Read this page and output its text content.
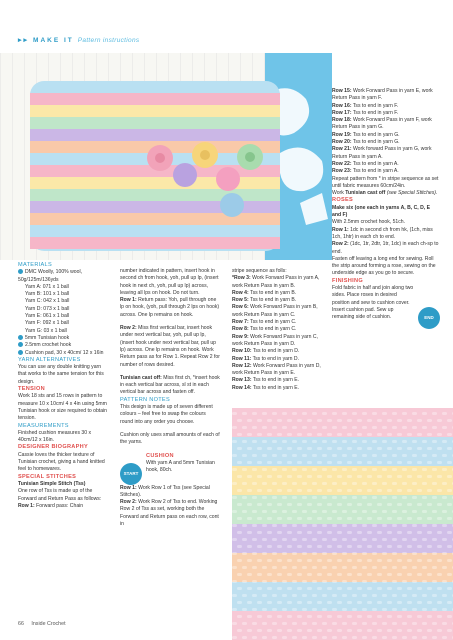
▸▸ MAKE IT Pattern instructions

MATERIALS

DMC Woolly, 100% wool, 50g/125m/136yds

Yarn A: 071 x 1 ball

Yarn B: 101 x 1 ball

Yarn C: 042 x 1 ball

Yarn D: 073 x 1 ball

Yarn E: 061 x 1 ball

Yarn F: 092 x 1 ball

Yarn G: 03 x 1 ball

5mm Tunisian hook

2.5mm crochet hook

Cushion pad, 30 x 40cm/ 12 x 16in

YARN ALTERNATIVES

You can use any double knitting yarn that works to the same tension for this design.

TENSION

Work 18 sts and 15 rows in pattern to measure 10 x 10cm/ 4 x 4in using 5mm Tunisian hook or size required to obtain tension.

MEASUREMENTS

Finished cushion measures 30 x 40cm/12 x 16in.

DESIGNER BIOGRAPHY

Cassie loves the thicker texture of Tunisian crochet, giving a hand knitted feel to homewares.

SPECIAL STITCHES

Tunisian Simple Stitch (Tss)

One row of Tss is made up of the Forward and Return Pass as follows:

Row 1: Forward pass: Chain

number indicated in pattern, insert hook in second ch from hook, yoh, pull up lp, (insert hook in next ch, yoh, pull up lp) across, leaving all lps on hook. Do not turn.

Row 1: Return pass: Yoh, pull through one lp on hook, (yoh, pull through 2 lps on hook) across. One lp remains on hook.

Row 2: Miss first vertical bar, insert hook under next vertical bar, yoh, pull up lp, (insert hook under next vertical bar, pull up lp) across. One lp remains on hook. Work Return pass as for Row 1. Repeat Row 2 for number of rows desired.

Tunisian cast off: Miss first ch, *insert hook in each vertical bar across, sl st in each vertical bar across and fasten off.

PATTERN NOTES

This design is made up of seven different colours – feel free to swap the colours round into any order you choose.

Cushion only uses small amounts of each of the yarns.

START

CUSHION

With yarn A and 5mm Tunisian hook, 80ch.

Row 1: Work Row 1 of Tss (see Special Stitches).

Row 2: Work Row 2 of Tss to end. Working Row 2 of Tss as set, working both the Forward and Return pass on each row, cont in

stripe sequence as folls:

*Row 3: Work Forward Pass in yarn A, work Return Pass in yarn B.

Row 4: Tss to end in yarn B.

Row 5: Tss to end in yarn B.

Row 6: Work Forward Pass in yarn B, work Return Pass in yarn C.

Row 7: Tss to end in yarn C.

Row 8: Tss to end in yarn C.

Row 9: Work Forward Pass in yarn C, work Return Pass in yarn D.

Row 10: Tss to end in yarn D.

Row 11: Tss to end in yarn D.

Row 12: Work Forward Pass in yarn D, work Return Pass in yarn E.

Row 13: Tss to end in yarn E.

Row 14: Tss to end in yarn E.

Row 15: Work Forward Pass in yarn E, work Return Pass in yarn F.

Row 16: Tss to end in yarn F.

Row 17: Tss to end in yarn F.

Row 18: Work Forward Pass in yarn F, work Return Pass in yarn G.

Row 19: Tss to end in yarn G.

Row 20: Tss to end in yarn G.

Row 21: Work forward Pass in yarn G, work Return Pass in yarn A.

Row 22: Tss to end in yarn A.

Row 23: Tss to end in yarn A.

Repeat pattern from * in stripe sequence as set until fabric measures 60cm/24in.

Work Tunisian cast off (see Special Stitches).

ROSES

Make six (one each in yarns A, B, C, D, E and F)

With 2.5mm crochet hook, 51ch.

Row 1: 1dc in second ch from hk, (1ch, miss 1ch, 1htr) in each ch to end.

Row 2: (1dc, 1tr, 2dtr, 1tr, 1dc) in each ch-sp to end.

Fasten off leaving a long end for sewing. Roll the strip around forming a rose, sewing on the underside edge as you go to secure.

FINISHING

Fold fabric in half and join along two sides. Place roses in desired position and sew to cushion cover. Insert cushion pad. Sew up remaining side of cushion.	END
66 Inside Crochet
